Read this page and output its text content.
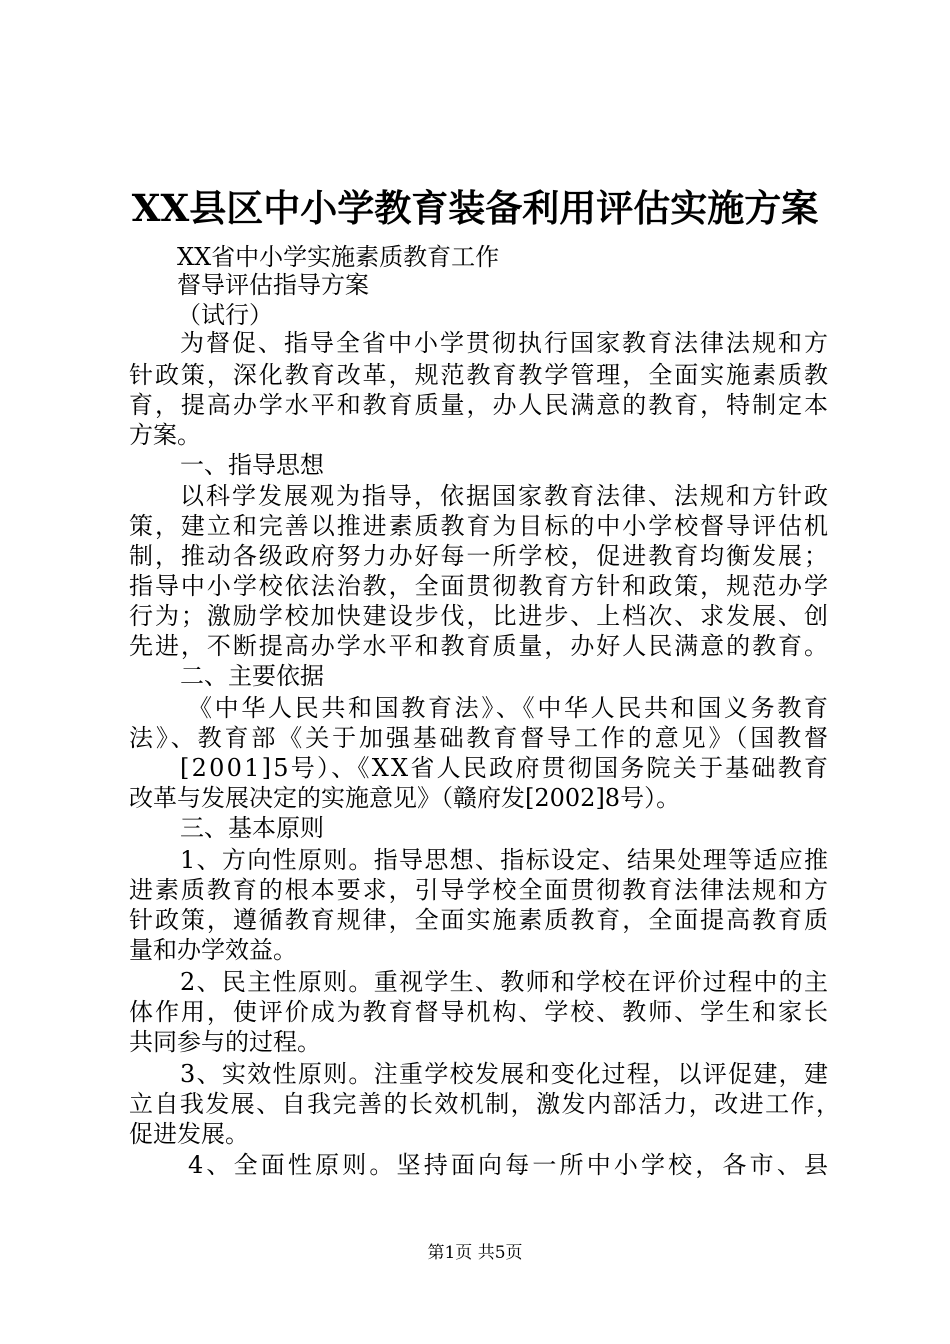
XX县区中小学教育装备利用评估实施方案
XX省中小学实施素质教育工作
督导评估指导方案
（试行）
为督促、指导全省中小学贯彻执行国家教育法律法规和方
针政策，深化教育改革，规范教育教学管理，全面实施素质教
育，提高办学水平和教育质量，办人民满意的教育，特制定本
方案。
一、指导思想
以科学发展观为指导，依据国家教育法律、法规和方针政
策，建立和完善以推进素质教育为目标的中小学校督导评估机
制，推动各级政府努力办好每一所学校，促进教育均衡发展；
指导中小学校依法治教，全面贯彻教育方针和政策，规范办学
行为；激励学校加快建设步伐，比进步、上档次、求发展、创
先进，不断提高办学水平和教育质量，办好人民满意的教育。
二、主要依据
《中华人民共和国教育法》、《中华人民共和国义务教育
法》、教育部《关于加强基础教育督导工作的意见》（国教督
[2001]5号）、《XX省人民政府贯彻国务院关于基础教育
改革与发展决定的实施意见》（赣府发[2002]8号）。
三、基本原则
1、方向性原则。指导思想、指标设定、结果处理等适应推
进素质教育的根本要求，引导学校全面贯彻教育法律法规和方
针政策，遵循教育规律，全面实施素质教育，全面提高教育质
量和办学效益。
2、民主性原则。重视学生、教师和学校在评价过程中的主
体作用，使评价成为教育督导机构、学校、教师、学生和家长
共同参与的过程。
3、实效性原则。注重学校发展和变化过程，以评促建，建
立自我发展、自我完善的长效机制，激发内部活力，改进工作，
促进发展。
4、全面性原则。坚持面向每一所中小学校，各市、县
第1页 共5页
